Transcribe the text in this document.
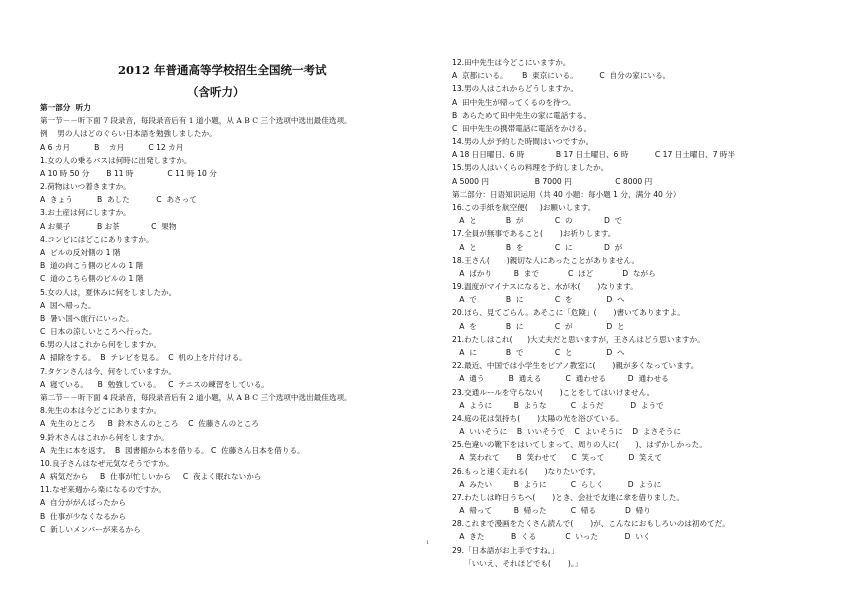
2012 年普通高等学校招生全国统一考试
（含听力）
第一部分  听力
第一节－－听下面 7 段录音，每段录音后有 1 道小题，从 A B C 三个选项中选出最佳选项。
例    男の人はどのぐらい日本語を勉強しましたか。
A 6 カ月          B    カ月          C 12 カ月
1.女の人の乗るバスは何時に出発しますか。
A 10 時 50 分       B 11 時              C 11 時 10 分
2.荷物はいつ着きますか。
A  きょう          B  あした           C  あさって
3.お土産は何にしますか。
A お菓子           B お茶             C  果物
4.コンビにはどこにありますか。
A  ビルの反対側の 1 階
B  道の向こう側のビルの 1 階
C  道のこちら側のビルの 1 階
5.女の人は，夏休みに何をしましたか。
A  国へ帰った。
B  暑い国へ旅行にいった。
C  日本の涼しいところへ行った。
6.男の人はこれから何をしますか。
A  掃除をする。  B  テレビを見る。  C  机の上を片付ける。
7.タケンさんは今、何をしていますか。
A  寝ている。    B  勉強している。   C  テニスの練習をしている。
第二节－－听下面 4 段录音，每段录音后有 2 道小题，从 A B C 三个选项中选出最佳选项。
8.先生の本は今どこにありますか。
A  先生のところ     B  鈴木さんのところ    C  佐藤さんのところ
9.鈴木さんはこれから何をしますか。
A  先生に本を返す。  B  図書館から本を借りる。 C  佐藤さん日本を借りる。
10.良子さんはなぜ元気なそうですか。
A  病気だから     B  仕事が忙しいから     C  夜よく眠れないから
11.なぜ来週から楽になるのですか。
A  自分ががんばったから
B  仕事が少なくなるから
C  新しいメンバーが来るから
12.田中先生は今どこにいますか。
A  京都にいる。      B  東京にいる。         C  自分の家にいる。
13.男の人はこれからどうしますか。
A  田中先生が帰ってくるのを待つ。
B  あらためて田中先生の家に電話する。
C  田中先生の携帯電話に電話をかける。
14.男の人が予約した時間はいつですか。
A 18 日日曜日、6 時             B 17 日土曜日、6 時           C 17 日土曜日、7 時半
15.男の人はいくらの料理を予約しましたか。
A 5000 円                   B 7000 円                  C 8000 円
第二部分：日语知识运用（共 40 小题：每小题 1 分，满分 40 分）
16.この手紙を航空便(     )お願いします。
A  と            B  が             C  の             D  で
17.全員が無事であること(       )お祈りします。
A  と            B  を             C  に             D  が
18.王さん(       )親切な人にあったことがありません。
A  ばかり         B  まで            C  ほど            D  ながら
19.温度がマイナスになると、水が氷(       )なります。
A  で            B  に             C  を              D  へ
20.ほら、見てごらん。あそこに「危険」(       )書いてありますよ。
A  を            B  に             C  が              D  と
21.わたしはこれ(      )大丈夫だと思いますが，王さんはどう思いますか。
A  に            B  で             C  と              D  へ
22.最近、中国では小学生をピアノ教室に(       )親が多くなっています。
A  通う          B  通える          C  通わせる         D  通わせる
23.交通ルールを守らない(       )ことをしてはいけません。
A  ように         B  ような          C  ようだ           D  ようで
24.庭の花は気持ち(       )太陽の光を浴びている。
A  いいそうに    B  いいそうで    C  よいそうに    D  よさそうに
25.色違いの靴下をはいてしまって、周りの人に(       )、はずかしかった。
A  笑われて       B  笑わせて      C  笑って          D  笑えて
26.もっと速く走れる(       )なりたいです。
A  みたい         B  ように          C  らしく          D  ように
27.わたしは昨日うちへ(       )とき、会社で友達に傘を借りました。
A  帰って         B  帰った          C  帰る            D  帰り
28.これまで漫画をたくさん読んで(       )が、こんなにおもしろいのは初めてだ。
A  きた           B  くる            C  いった           D  いく
29.「日本語がお上手ですね。」
「いいえ、それほどでも(       )。」
1
